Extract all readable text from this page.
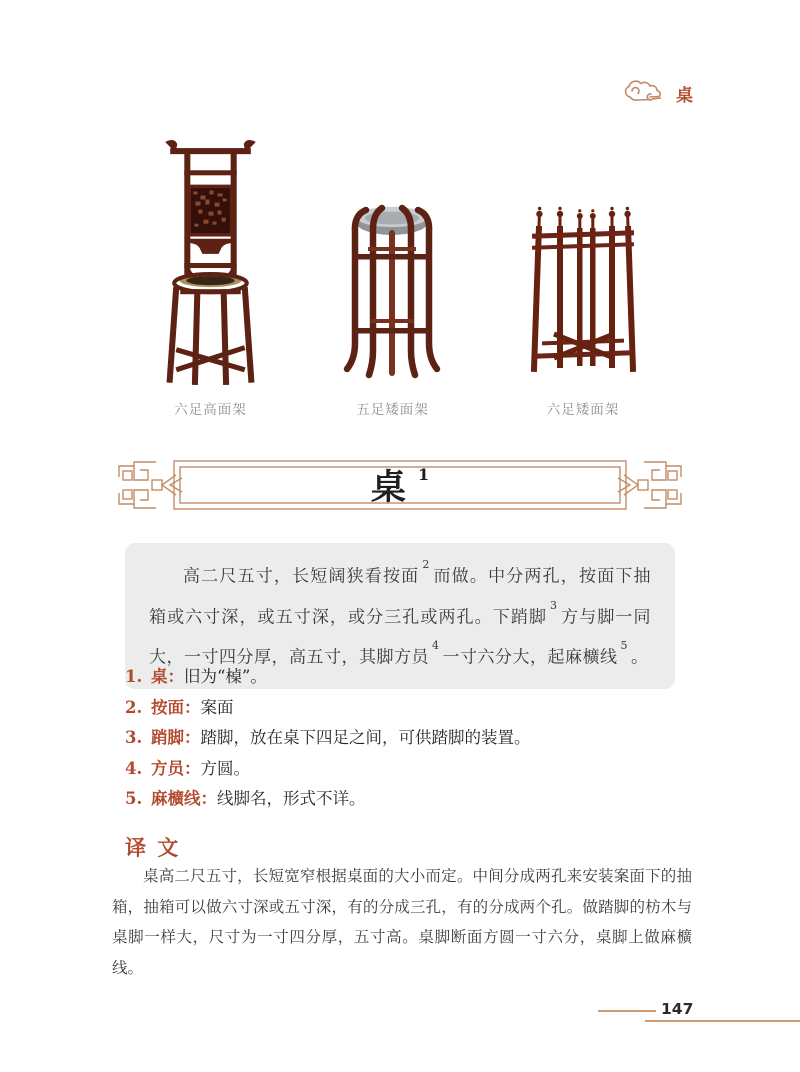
桌
六足高面架	五足矮面架	六足矮面架
桌 1

高二尺五寸，长短阔狭看按面$^2$而做。中分两孔，按面下抽箱或六寸深，或五寸深，或分三孔或两孔。下踃脚$^3$方与脚一同大，一寸四分厚，高五寸，其脚方员$^4$一寸六分大，起麻櫎线$^5$。

1. 桌：旧为“槕”。
2. 按面：案面
3. 踃脚：踏脚，放在桌下四足之间，可供踏脚的装置。
4. 方员：方圆。
5. 麻櫎线：线脚名，形式不详。
译 文

桌高二尺五寸，长短宽窄根据桌面的大小而定。中间分成两孔来安装案面下的抽箱，抽箱可以做六寸深或五寸深，有的分成三孔，有的分成两个孔。做踏脚的枋木与桌脚一样大，尺寸为一寸四分厚，五寸高。桌脚断面方圆一寸六分，桌脚上做麻櫎线。

147
